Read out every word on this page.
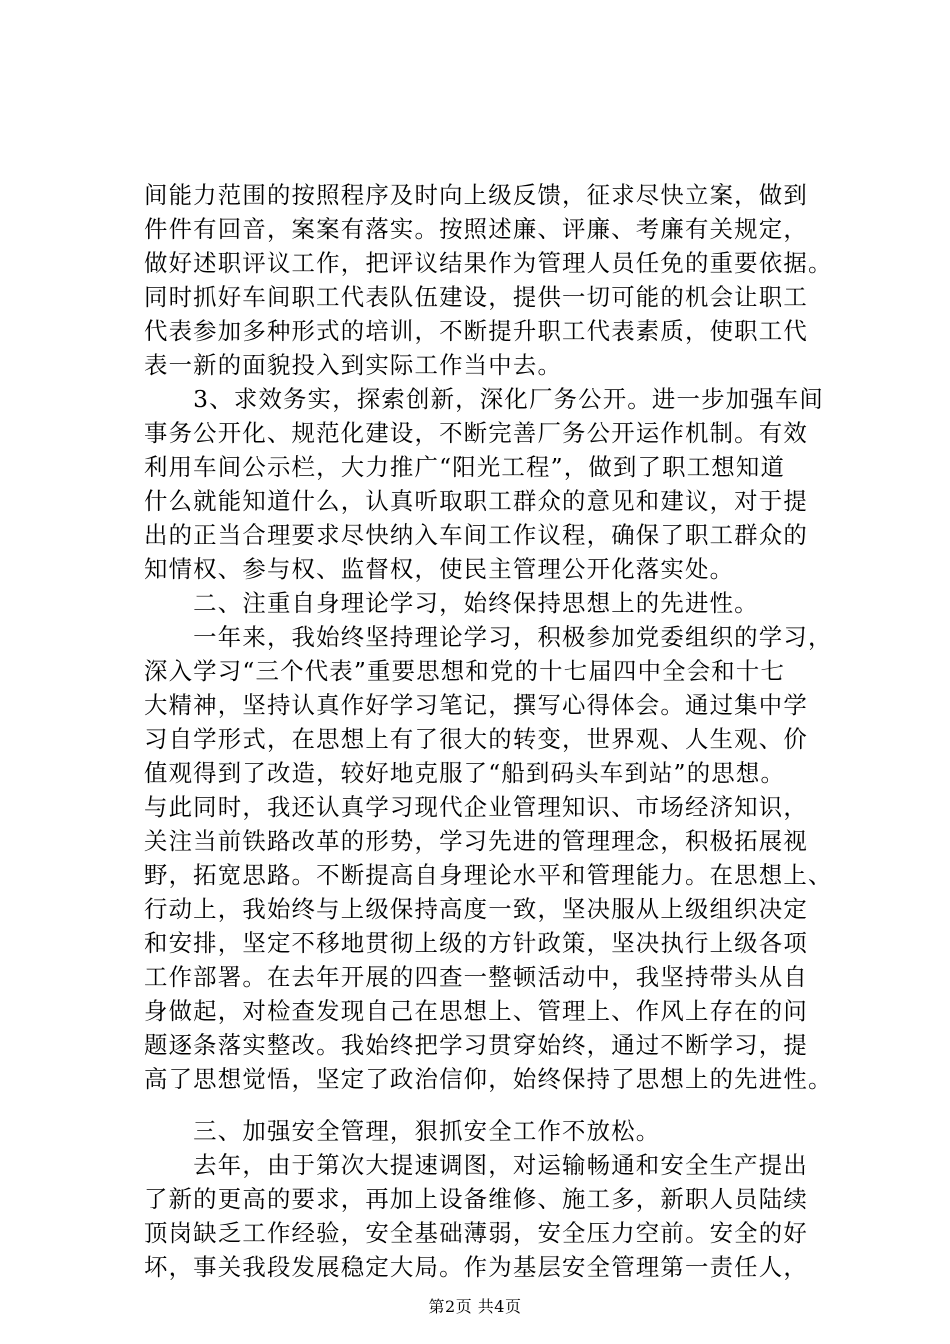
间能力范围的按照程序及时向上级反馈，征求尽快立案，做到
件件有回音，案案有落实。按照述廉、评廉、考廉有关规定，
做好述职评议工作，把评议结果作为管理人员任免的重要依据。
同时抓好车间职工代表队伍建设，提供一切可能的机会让职工
代表参加多种形式的培训，不断提升职工代表素质，使职工代
表一新的面貌投入到实际工作当中去。
　　3、求效务实，探索创新，深化厂务公开。进一步加强车间
事务公开化、规范化建设，不断完善厂务公开运作机制。有效
利用车间公示栏，大力推广“阳光工程”，做到了职工想知道
什么就能知道什么，认真听取职工群众的意见和建议，对于提
出的正当合理要求尽快纳入车间工作议程，确保了职工群众的
知情权、参与权、监督权，使民主管理公开化落实处。
　　二、注重自身理论学习，始终保持思想上的先进性。
　　一年来，我始终坚持理论学习，积极参加党委组织的学习，
深入学习“三个代表”重要思想和党的十七届四中全会和十七
大精神，坚持认真作好学习笔记，撰写心得体会。通过集中学
习自学形式，在思想上有了很大的转变，世界观、人生观、价
值观得到了改造，较好地克服了“船到码头车到站”的思想。
与此同时，我还认真学习现代企业管理知识、市场经济知识，
关注当前铁路改革的形势，学习先进的管理理念，积极拓展视
野，拓宽思路。不断提高自身理论水平和管理能力。在思想上、
行动上，我始终与上级保持高度一致，坚决服从上级组织决定
和安排，坚定不移地贯彻上级的方针政策，坚决执行上级各项
工作部署。在去年开展的四查一整顿活动中，我坚持带头从自
身做起，对检查发现自己在思想上、管理上、作风上存在的问
题逐条落实整改。我始终把学习贯穿始终，通过不断学习，提
高了思想觉悟，坚定了政治信仰，始终保持了思想上的先进性。
　　三、加强安全管理，狠抓安全工作不放松。
　　去年，由于第次大提速调图，对运输畅通和安全生产提出
了新的更高的要求，再加上设备维修、施工多，新职人员陆续
顶岗缺乏工作经验，安全基础薄弱，安全压力空前。安全的好
坏，事关我段发展稳定大局。作为基层安全管理第一责任人，
第2页 共4页
